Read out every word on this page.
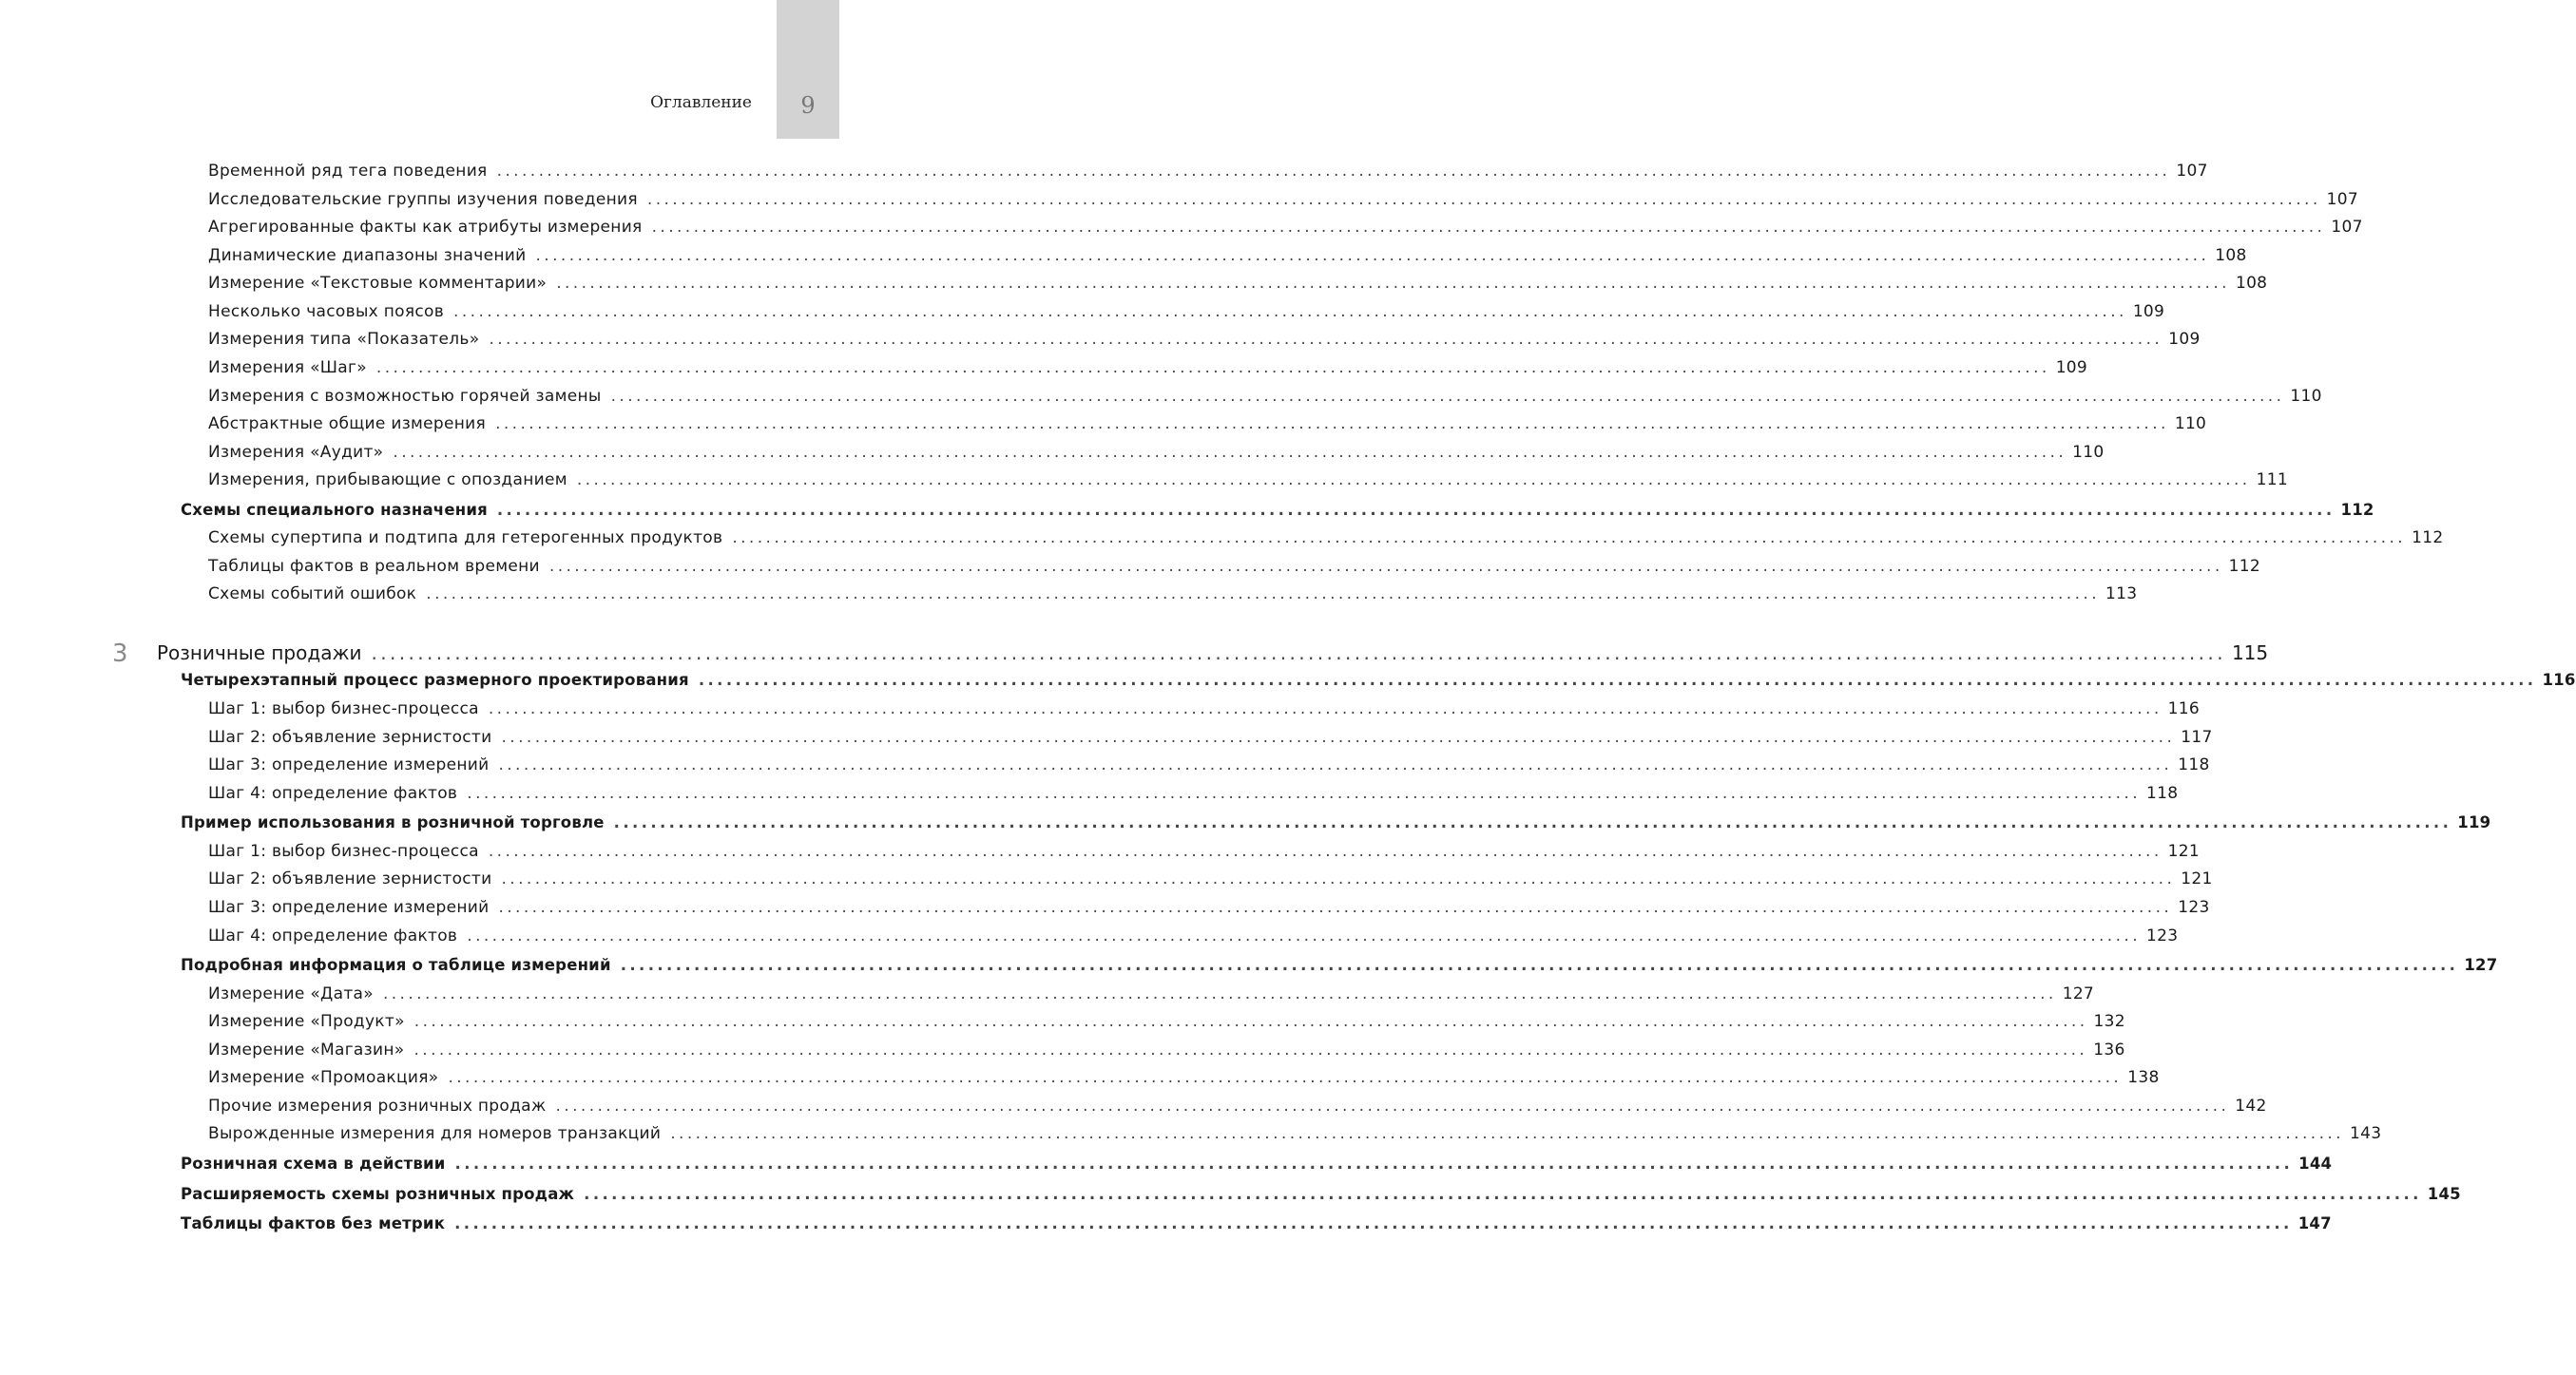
9
Оглавление
3
Временной ряд тега поведения ........................................................................................................................................................................................................ 107
Исследовательские группы изучения поведения ........................................................................................................................................................................................................ 107
Агрегированные факты как атрибуты измерения ........................................................................................................................................................................................................ 107
Динамические диапазоны значений ........................................................................................................................................................................................................ 108
Измерение «Текстовые комментарии» ........................................................................................................................................................................................................ 108
Несколько часовых поясов ........................................................................................................................................................................................................ 109
Измерения типа «Показатель» ........................................................................................................................................................................................................ 109
Измерения «Шаг» ........................................................................................................................................................................................................ 109
Измерения с возможностью горячей замены ........................................................................................................................................................................................................ 110
Абстрактные общие измерения ........................................................................................................................................................................................................ 110
Измерения «Аудит» ........................................................................................................................................................................................................ 110
Измерения, прибывающие с опозданием ........................................................................................................................................................................................................ 111
Схемы специального назначения ........................................................................................................................................................................................................ 112
Схемы супертипа и подтипа для гетерогенных продуктов ........................................................................................................................................................................................................ 112
Таблицы фактов в реальном времени ........................................................................................................................................................................................................ 112
Схемы событий ошибок ........................................................................................................................................................................................................ 113
Розничные продажи ........................................................................................................................................................................................................ 115
Четырехэтапный процесс размерного проектирования ........................................................................................................................................................................................................ 116
Шаг 1: выбор бизнес-процесса ........................................................................................................................................................................................................ 116
Шаг 2: объявление зернистости ........................................................................................................................................................................................................ 117
Шаг 3: определение измерений ........................................................................................................................................................................................................ 118
Шаг 4: определение фактов ........................................................................................................................................................................................................ 118
Пример использования в розничной торговле ........................................................................................................................................................................................................ 119
Шаг 1: выбор бизнес-процесса ........................................................................................................................................................................................................ 121
Шаг 2: объявление зернистости ........................................................................................................................................................................................................ 121
Шаг 3: определение измерений ........................................................................................................................................................................................................ 123
Шаг 4: определение фактов ........................................................................................................................................................................................................ 123
Подробная информация о таблице измерений ........................................................................................................................................................................................................ 127
Измерение «Дата» ........................................................................................................................................................................................................ 127
Измерение «Продукт» ........................................................................................................................................................................................................ 132
Измерение «Магазин» ........................................................................................................................................................................................................ 136
Измерение «Промоакция» ........................................................................................................................................................................................................ 138
Прочие измерения розничных продаж ........................................................................................................................................................................................................ 142
Вырожденные измерения для номеров транзакций ........................................................................................................................................................................................................ 143
Розничная схема в действии ........................................................................................................................................................................................................ 144
Расширяемость схемы розничных продаж ........................................................................................................................................................................................................ 145
Таблицы фактов без метрик ........................................................................................................................................................................................................ 147
